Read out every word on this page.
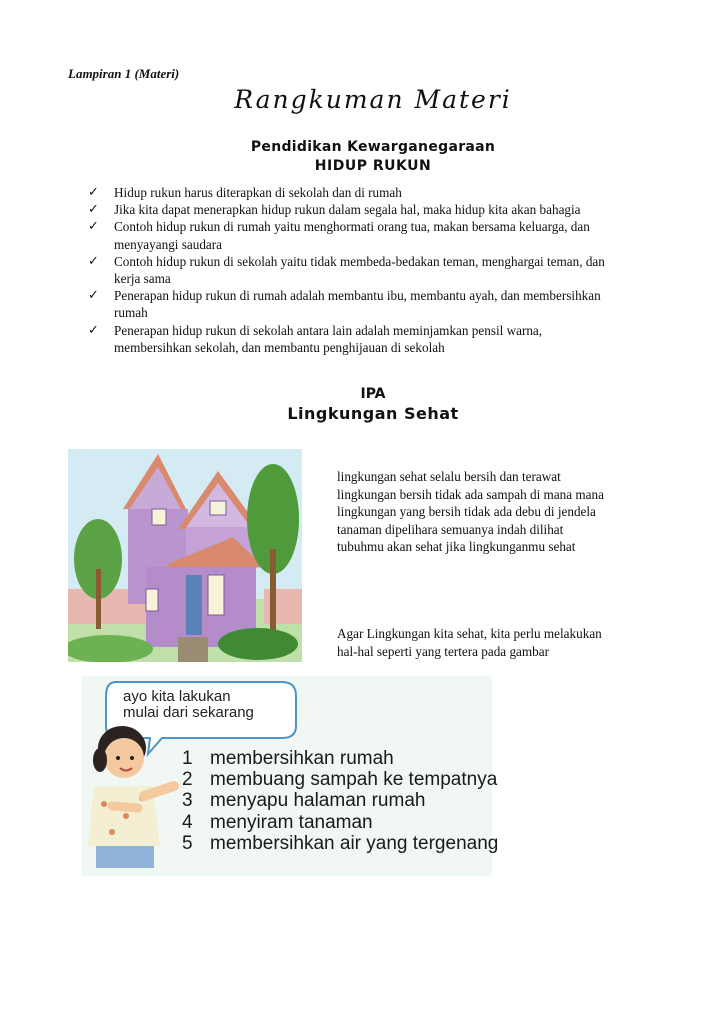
Lampiran 1 (Materi)
Rangkuman Materi
Pendidikan Kewarganegaraan
HIDUP RUKUN
✓ Hidup rukun harus diterapkan di sekolah dan di rumah
✓ Jika kita dapat menerapkan hidup rukun dalam segala hal, maka hidup kita akan bahagia
✓ Contoh hidup rukun di rumah yaitu menghormati orang tua, makan bersama keluarga, dan
menyayangi saudara
✓ Contoh hidup rukun di sekolah yaitu tidak membeda-bedakan teman, menghargai teman, dan
kerja sama
✓ Penerapan hidup rukun di rumah adalah membantu ibu, membantu ayah, dan membersihkan
rumah
✓ Penerapan hidup rukun di sekolah antara lain adalah meminjamkan pensil warna,
membersihkan sekolah, dan membantu penghijauan di sekolah
IPA
Lingkungan Sehat

lingkungan sehat selalu bersih dan terawat

lingkungan bersih tidak ada sampah di mana mana

lingkungan yang bersih tidak ada debu di jendela

tanaman dipelihara semuanya indah dilihat

tubuhmu akan sehat jika lingkunganmu sehat

Agar Lingkungan kita sehat, kita perlu melakukan

hal-hal seperti yang tertera pada gambar

ayo kita lakukan
mulai dari sekarang
1 membersihkan rumah
2 membuang sampah ke tempatnya
3 menyapu halaman rumah
4 menyiram tanaman
5 membersihkan air yang tergenang
